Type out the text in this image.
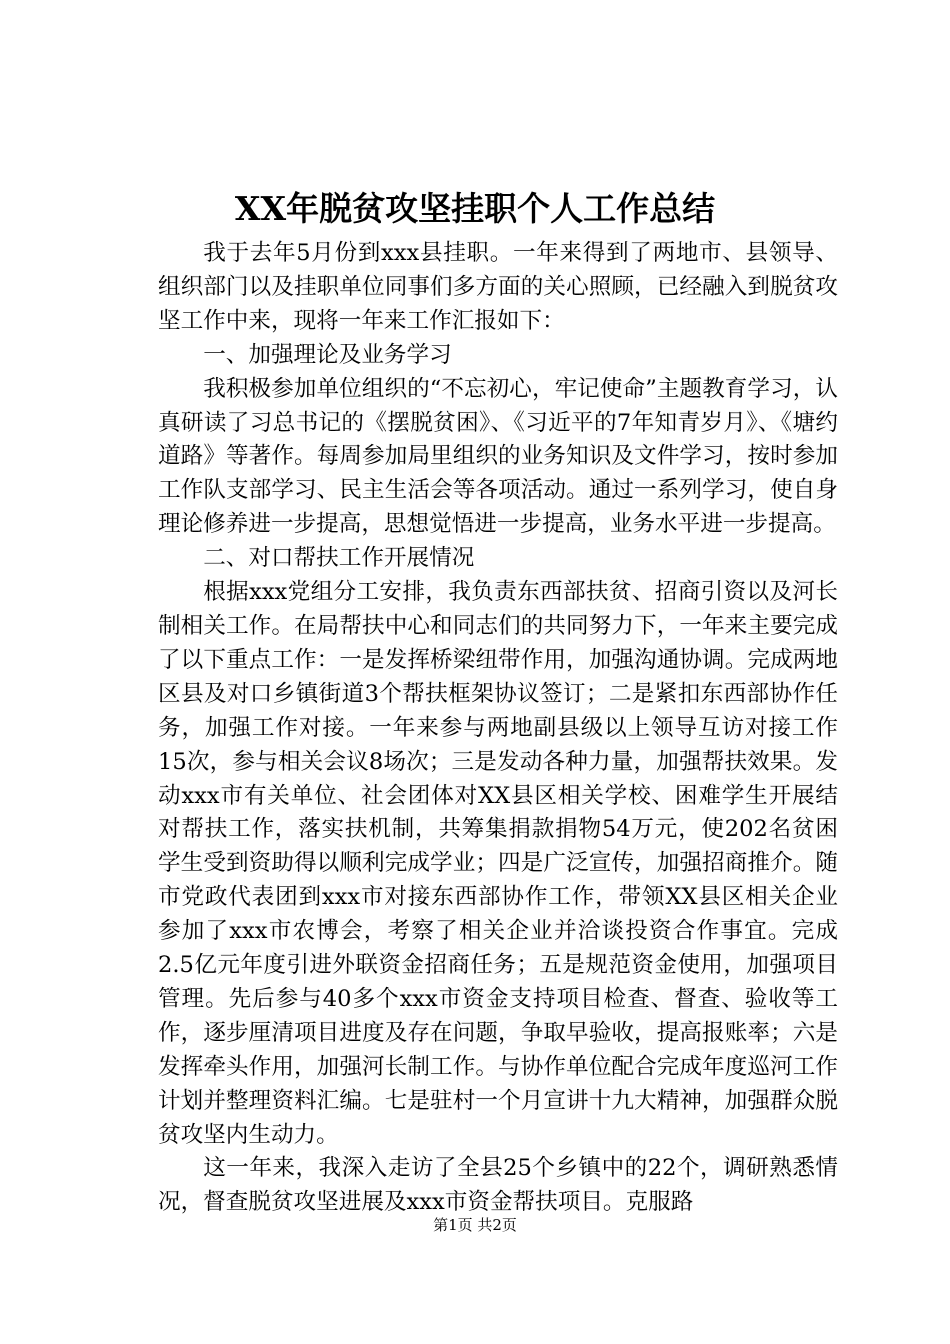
XX年脱贫攻坚挂职个人工作总结

我于去年5月份到xxx县挂职。一年来得到了两地市、县领导、组织部门以及挂职单位同事们多方面的关心照顾，已经融入到脱贫攻坚工作中来，现将一年来工作汇报如下：

一、加强理论及业务学习

我积极参加单位组织的“不忘初心，牢记使命”主题教育学习，认真研读了习总书记的《摆脱贫困》、《习近平的7年知青岁月》、《塘约道路》等著作。每周参加局里组织的业务知识及文件学习，按时参加工作队支部学习、民主生活会等各项活动。通过一系列学习，使自身理论修养进一步提高，思想觉悟进一步提高，业务水平进一步提高。

二、对口帮扶工作开展情况

根据xxx党组分工安排，我负责东西部扶贫、招商引资以及河长制相关工作。在局帮扶中心和同志们的共同努力下，一年来主要完成了以下重点工作：一是发挥桥梁纽带作用，加强沟通协调。完成两地区县及对口乡镇街道3个帮扶框架协议签订；二是紧扣东西部协作任务，加强工作对接。一年来参与两地副县级以上领导互访对接工作15次，参与相关会议8场次；三是发动各种力量，加强帮扶效果。发动xxx市有关单位、社会团体对XX县区相关学校、困难学生开展结对帮扶工作，落实扶机制，共筹集捐款捐物54万元，使202名贫困学生受到资助得以顺利完成学业；四是广泛宣传，加强招商推介。随市党政代表团到xxx市对接东西部协作工作，带领XX县区相关企业参加了xxx市农博会，考察了相关企业并洽谈投资合作事宜。完成2.5亿元年度引进外联资金招商任务；五是规范资金使用，加强项目管理。先后参与40多个xxx市资金支持项目检查、督查、验收等工作，逐步厘清项目进度及存在问题，争取早验收，提高报账率；六是发挥牵头作用，加强河长制工作。与协作单位配合完成年度巡河工作计划并整理资料汇编。七是驻村一个月宣讲十九大精神，加强群众脱贫攻坚内生动力。

这一年来，我深入走访了全县25个乡镇中的22个，调研熟悉情况，督查脱贫攻坚进展及xxx市资金帮扶项目。克服路

第1页 共2页
